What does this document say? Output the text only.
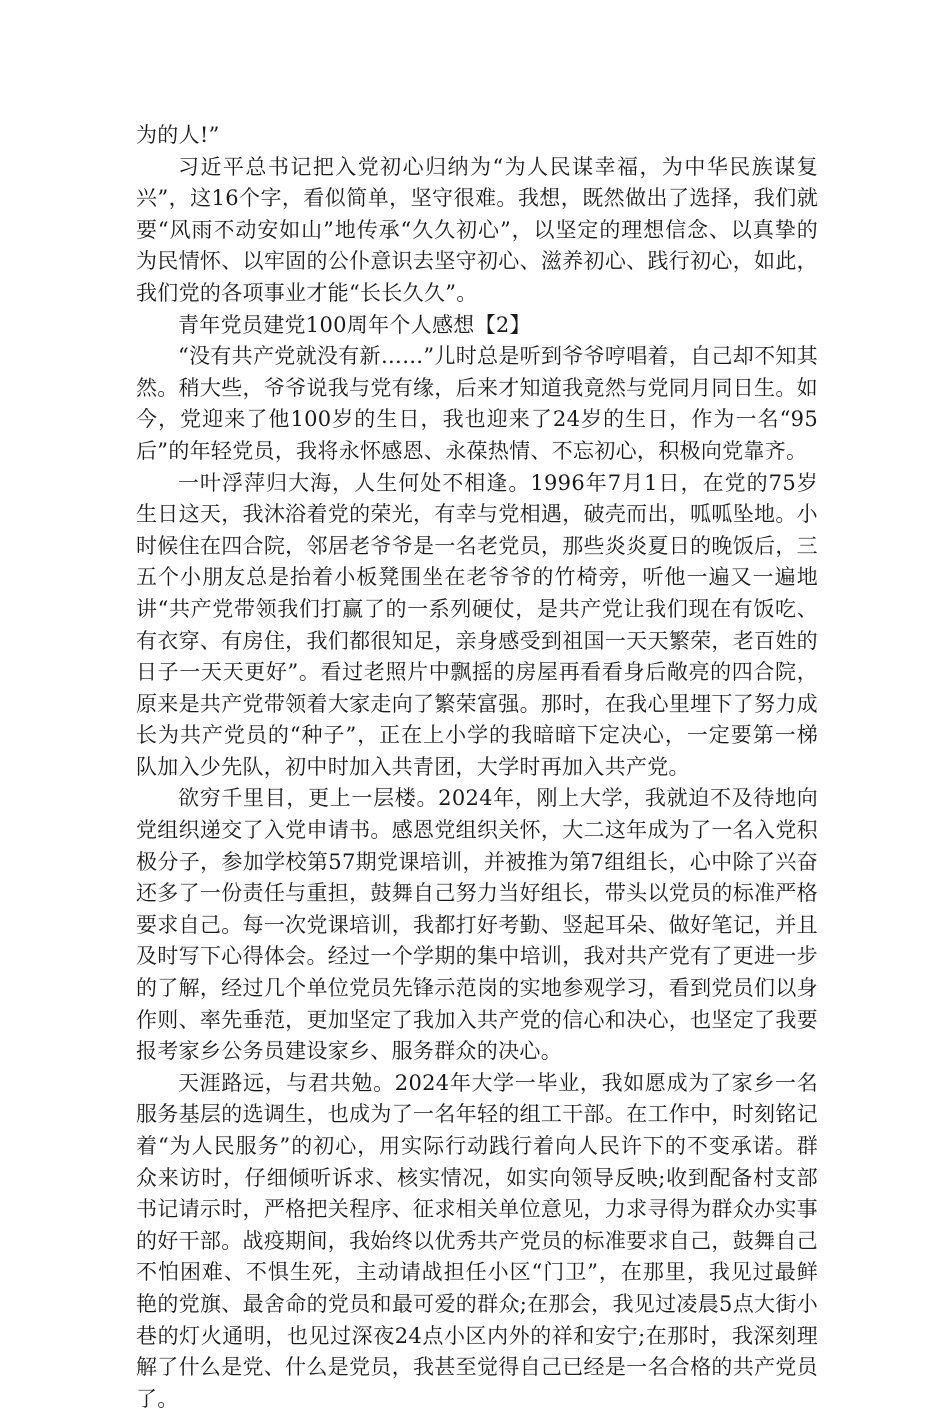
为的人!”

习近平总书记把入党初心归纳为“为人民谋幸福，为中华民族谋复兴”，这16个字，看似简单，坚守很难。我想，既然做出了选择，我们就要“风雨不动安如山”地传承“久久初心”，以坚定的理想信念、以真挚的为民情怀、以牢固的公仆意识去坚守初心、滋养初心、践行初心，如此，我们党的各项事业才能“长长久久”。

青年党员建党100周年个人感想【2】

“没有共产党就没有新……”儿时总是听到爷爷哼唱着，自己却不知其然。稍大些，爷爷说我与党有缘，后来才知道我竟然与党同月同日生。如今，党迎来了他100岁的生日，我也迎来了24岁的生日，作为一名“95后”的年轻党员，我将永怀感恩、永葆热情、不忘初心，积极向党靠齐。

一叶浮萍归大海，人生何处不相逢。1996年7月1日，在党的75岁生日这天，我沐浴着党的荣光，有幸与党相遇，破壳而出，呱呱坠地。小时候住在四合院，邻居老爷爷是一名老党员，那些炎炎夏日的晚饭后，三五个小朋友总是抬着小板凳围坐在老爷爷的竹椅旁，听他一遍又一遍地讲“共产党带领我们打赢了的一系列硬仗，是共产党让我们现在有饭吃、有衣穿、有房住，我们都很知足，亲身感受到祖国一天天繁荣，老百姓的日子一天天更好”。看过老照片中飘摇的房屋再看看身后敞亮的四合院，原来是共产党带领着大家走向了繁荣富强。那时，在我心里埋下了努力成长为共产党员的“种子”，正在上小学的我暗暗下定决心，一定要第一梯队加入少先队，初中时加入共青团，大学时再加入共产党。

欲穷千里目，更上一层楼。2024年，刚上大学，我就迫不及待地向党组织递交了入党申请书。感恩党组织关怀，大二这年成为了一名入党积极分子，参加学校第57期党课培训，并被推为第7组组长，心中除了兴奋还多了一份责任与重担，鼓舞自己努力当好组长，带头以党员的标准严格要求自己。每一次党课培训，我都打好考勤、竖起耳朵、做好笔记，并且及时写下心得体会。经过一个学期的集中培训，我对共产党有了更进一步的了解，经过几个单位党员先锋示范岗的实地参观学习，看到党员们以身作则、率先垂范，更加坚定了我加入共产党的信心和决心，也坚定了我要报考家乡公务员建设家乡、服务群众的决心。

天涯路远，与君共勉。2024年大学一毕业，我如愿成为了家乡一名服务基层的选调生，也成为了一名年轻的组工干部。在工作中，时刻铭记着“为人民服务”的初心，用实际行动践行着向人民许下的不变承诺。群众来访时，仔细倾听诉求、核实情况，如实向领导反映;收到配备村支部书记请示时，严格把关程序、征求相关单位意见，力求寻得为群众办实事的好干部。战疫期间，我始终以优秀共产党员的标准要求自己，鼓舞自己不怕困难、不惧生死，主动请战担任小区“门卫”，在那里，我见过最鲜艳的党旗、最舍命的党员和最可爱的群众;在那会，我见过凌晨5点大街小巷的灯火通明，也见过深夜24点小区内外的祥和安宁;在那时，我深刻理解了什么是党、什么是党员，我甚至觉得自己已经是一名合格的共产党员了。
